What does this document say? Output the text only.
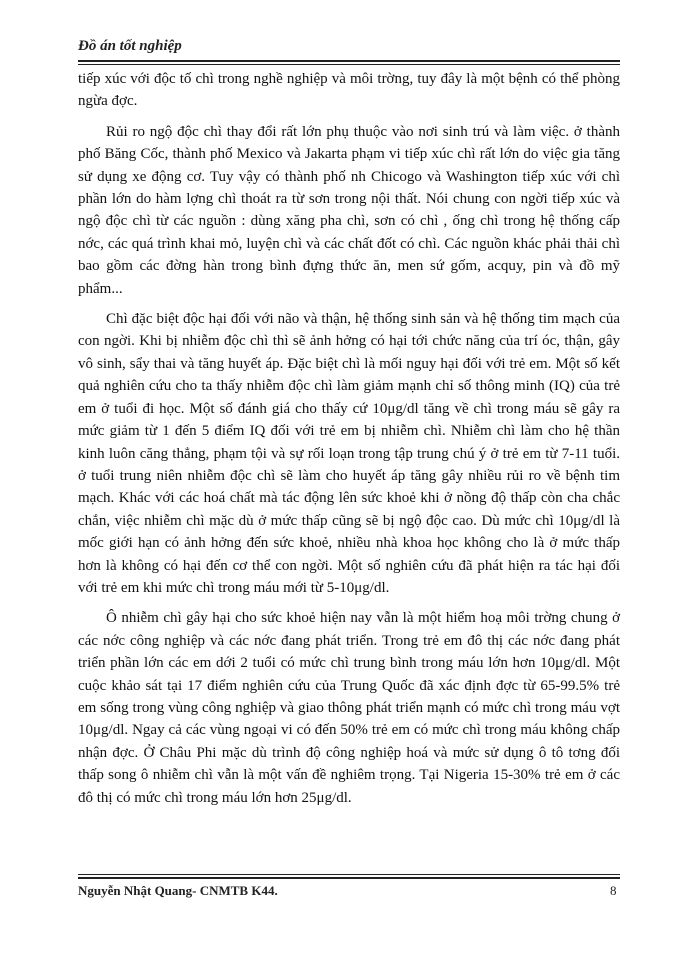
Đồ án tốt nghiệp

tiếp xúc với độc tố chì trong nghề nghiệp và môi trờng, tuy đây là một bệnh có thể phòng ngừa đợc.

Rủi ro ngộ độc chì thay đổi rất lớn phụ thuộc vào nơi sinh trú và làm việc. ở thành phố Băng Cốc, thành phố Mexico và Jakarta phạm vi tiếp xúc chì rất lớn do việc gia tăng sử dụng xe động cơ. Tuy vậy có thành phố nh Chicogo và Washington tiếp xúc với chì phần lớn do hàm lợng chì thoát ra từ sơn trong nội thất. Nói chung con ngời tiếp xúc và ngộ độc chì từ các nguồn : dùng xăng pha chì, sơn có chì , ống chì trong hệ thống cấp nớc, các quá trình khai mỏ, luyện chì và các chất đốt có chì. Các nguồn khác phải thải chì bao gồm các đờng hàn trong bình đựng thức ăn, men sứ gốm, acquy, pin và đồ mỹ phẩm...

Chì đặc biệt độc hại đối với não và thận, hệ thống sinh sản và hệ thống tim mạch của con ngời. Khi bị nhiễm độc chì thì sẽ ảnh hởng có hại tới chức năng của trí óc, thận, gây vô sinh, sẩy thai và tăng huyết áp. Đặc biệt chì là mối nguy hại đối với trẻ em. Một số kết quả nghiên cứu cho ta thấy nhiễm độc chì làm giảm mạnh chỉ số thông minh (IQ) của trẻ em ở tuổi đi học. Một số đánh giá cho thấy cứ 10μg/dl tăng về chì trong máu sẽ gây ra mức giảm từ 1 đến 5 điểm IQ đối với trẻ em bị nhiễm chì. Nhiễm chì làm cho hệ thần kinh luôn căng thẳng, phạm tội và sự rối loạn trong tập trung chú ý ở trẻ em từ 7-11 tuổi. ở tuổi trung niên nhiễm độc chì sẽ làm cho huyết áp tăng gây nhiều rủi ro về bệnh tim mạch. Khác với các hoá chất mà tác động lên sức khoẻ khi ở nồng độ thấp còn cha chắc chắn, việc nhiễm chì mặc dù ở mức thấp cũng sẽ bị ngộ độc cao. Dù mức chì 10μg/dl là mốc giới hạn có ảnh hởng đến sức khoẻ, nhiều nhà khoa học không cho là ở mức thấp hơn là không có hại đến cơ thể con ngời. Một số nghiên cứu đã phát hiện ra tác hại đối với trẻ em khi mức chì trong máu mới từ 5-10μg/dl.

Ô nhiễm chì gây hại cho sức khoẻ hiện nay vẫn là một hiểm hoạ môi trờng chung ở các nớc công nghiệp và các nớc đang phát triển. Trong trẻ em đô thị các nớc đang phát triển phần lớn các em dới 2 tuổi có mức chì trung bình trong máu lớn hơn 10μg/dl. Một cuộc khảo sát tại 17 điểm nghiên cứu của Trung Quốc đã xác định đợc từ 65-99.5% trẻ em sống trong vùng công nghiệp và giao thông phát triển mạnh có mức chì trong máu vợt 10μg/dl. Ngay cả các vùng ngoại vi có đến 50% trẻ em có mức chì trong máu không chấp nhận đợc. Ở Châu Phi mặc dù trình độ công nghiệp hoá và mức sử dụng ô tô tơng đối thấp song ô nhiễm chì vẫn là một vấn đề nghiêm trọng. Tại Nigeria 15-30% trẻ em ở các đô thị có mức chì trong máu lớn hơn 25μg/dl.

Nguyễn Nhật Quang- CNMTB K44.	8
